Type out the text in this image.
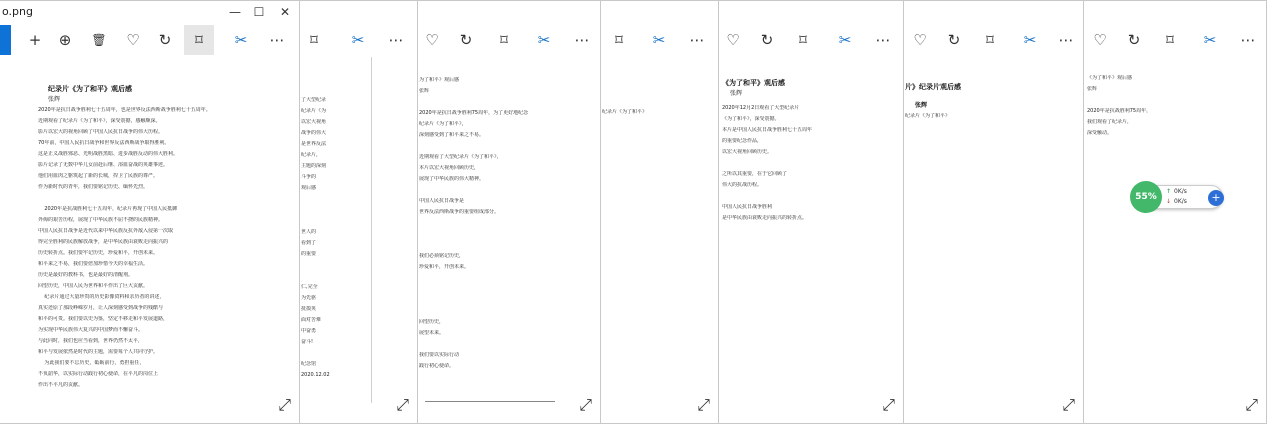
o.png	—	☐	✕
+	⊕	🗑	♡	↻	⌑	✂	⋯
纪录片《为了和平》观后感
张辉
2020年是抗日战争胜利七十五周年，也是世界反法西斯战争胜利七十五周年。
近期观看了纪录片《为了和平》，深受震撼，感触颇深。
影片以宏大的视角回顾了中国人民抗日战争的伟大历程。
70年前，中国人民抗日战争和世界反法西斯战争取得胜利。
这是正义战胜邪恶、光明战胜黑暗、进步战胜反动的伟大胜利。
影片记录了无数中华儿女前赴后继、浴血奋战的英雄事迹。
他们用血肉之躯筑起了新的长城，捍卫了民族的尊严。
作为新时代的青年，我们要铭记历史、缅怀先烈。
2020年是抗战胜利七十五周年，纪录片再现了中国人民抵御
外侮的艰苦历程，展现了中华民族不屈不挠的民族精神。
中国人民抗日战争是近代以来中华民族反抗外敌入侵第一次取
得完全胜利的民族解放战争，是中华民族由衰败走向振兴的
历史转折点。我们要牢记历史，珍爱和平，开创未来。
和平来之不易，我们要倍加珍惜今天的幸福生活。
历史是最好的教科书，也是最好的清醒剂。
回望历史，中国人民为世界和平作出了巨大贡献。
纪录片通过大量珍贵的历史影像资料和亲历者的讲述，
真实还原了那段峥嵘岁月，让人深刻感受到战争的残酷与
和平的可贵。我们要以史为鉴，坚定不移走和平发展道路，
为实现中华民族伟大复兴的中国梦而不懈奋斗。
与此同时，我们也应当看到，世界仍然不太平，
和平与发展依然是时代的主题，需要每个人共同守护。
为此我们要不忘历史，砥砺前行，勇担重任，
不负韶华，以实际行动践行初心使命，在平凡的岗位上
作出不平凡的贡献。
⤢
⌑	✂	⋯
了大型纪录
纪录片《为
以宏大视角
战争的伟大
是世界反法
纪录片，
主题的深刻
斗争的
观后感
世人的
看到了
的重要
仁,完全
为先驱
抚摸英
面对苦难
中奋勇
奋斗!
纪念馆
2020.12.02
⤢
♡	↻	⌑	✂	⋯
为了和平》观后感
张辉
2020年是抗日战争胜利75周年，为了更好地纪念
纪录片《为了和平》，
深刻感受到了和平来之不易。
近期观看了大型纪录片《为了和平》，
本片以宏大视角回顾历史，
展现了中华民族的伟大精神。
中国人民抗日战争是
世界反法西斯战争的重要组成部分。
我们必须铭记历史，
珍爱和平，开创未来。
回望历史，
展望未来。
我们要以实际行动
践行初心使命。
⤢
⌑	✂	⋯
纪录片《为了和平》
⤢
♡	↻	⌑	✂	⋯
《为了和平》观后感
张辉
2020年12月2日观看了大型纪录片
《为了和平》，深受震撼。
本片是中国人民抗日战争胜利七十五周年
的重要纪念作品，
以宏大视角回顾历史。
之所以其重要，在于它回顾了
伟大的抗战历程。
中国人民抗日战争胜利
是中华民族由衰败走向振兴的转折点。
⤢
♡	↻	⌑	✂	⋯
片》纪录片观后感
张辉
纪录片《为了和平》
⤢
♡	↻	⌑	✂	⋯
《为了和平》观后感
张辉
2020年是抗战胜利75周年，
我们观看了纪录片，
深受触动。
⤢
55%
↑ 0K/s
↓ 0K/s	+
